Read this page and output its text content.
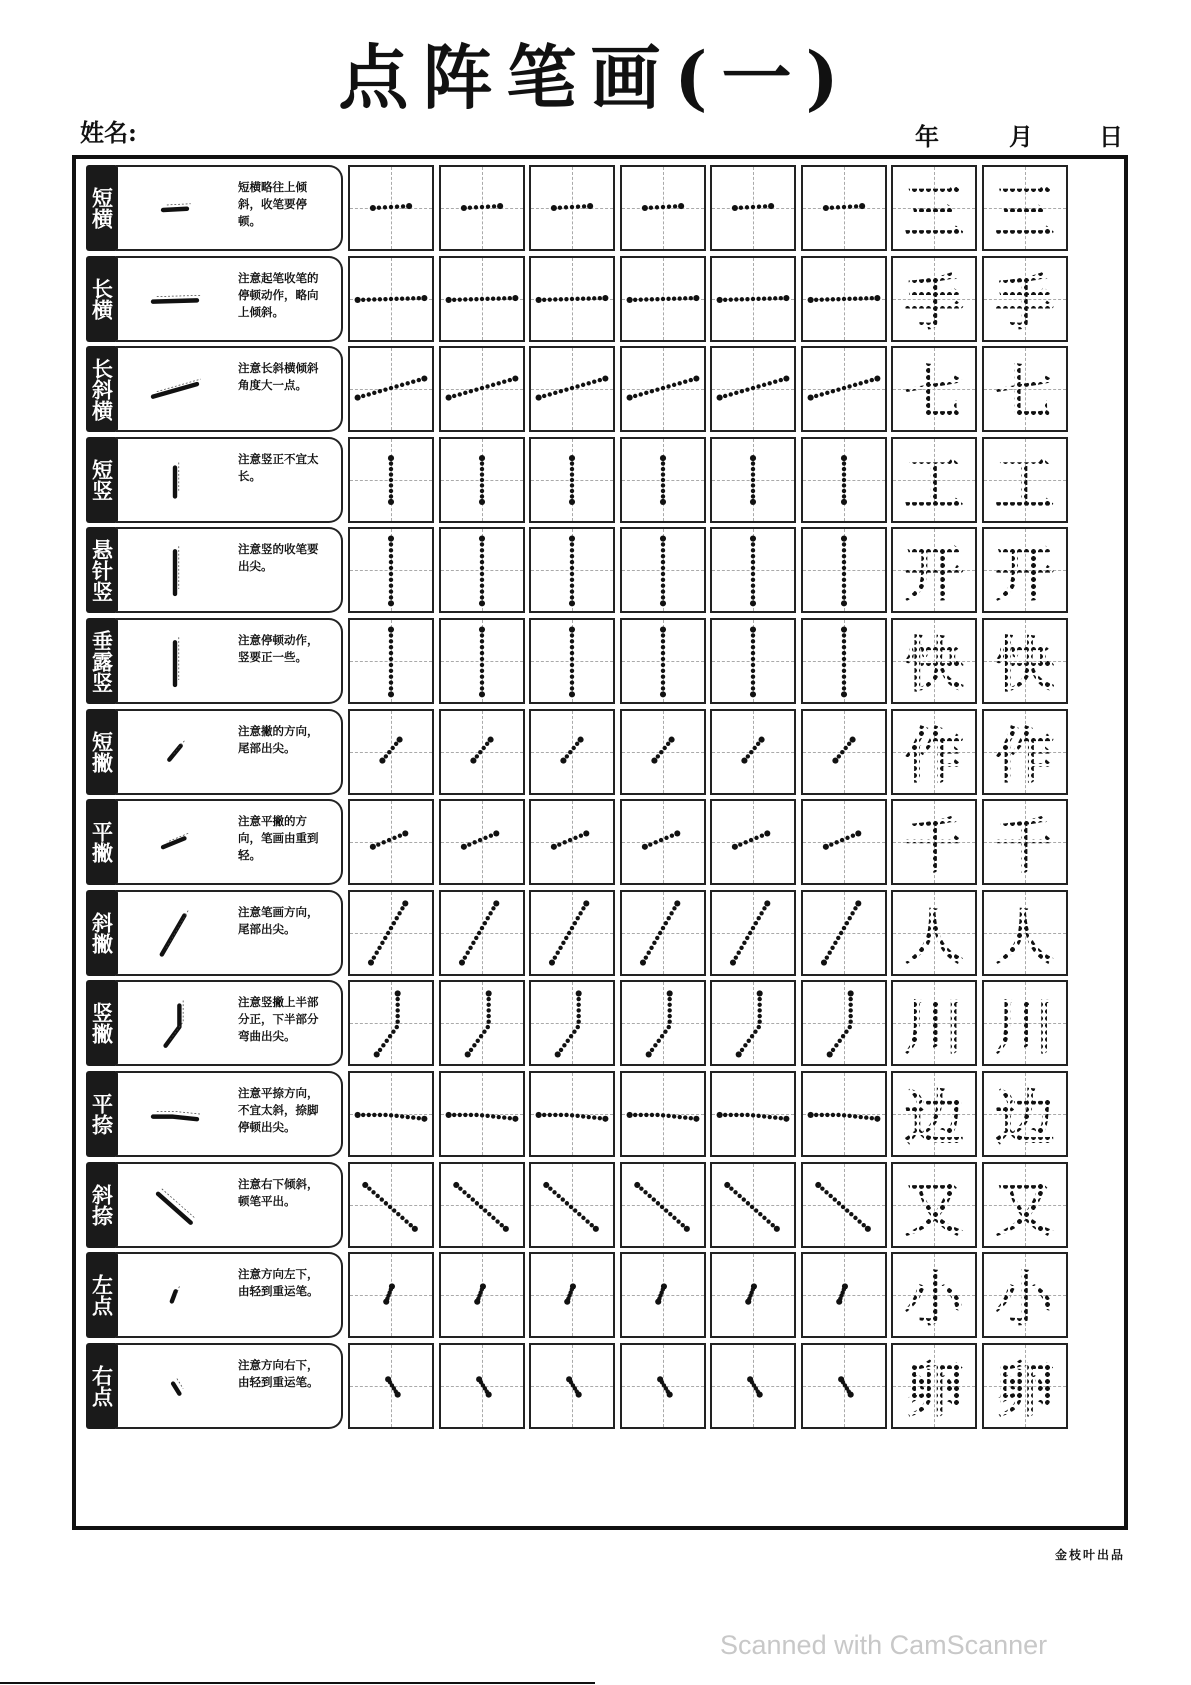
点阵笔画(一)
姓名:	年	月	日
短横	短横略往上倾斜，收笔要停顿。	三 三
长横	注意起笔收笔的停顿动作，略向上倾斜。	手 手
长斜横	注意长斜横倾斜角度大一点。	七 七
短竖	注意竖正不宜太长。	工 工
悬针竖	注意竖的收笔要出尖。	开 开
垂露竖	注意停顿动作，竖要正一些。	快 快
短撇	注意撇的方向，尾部出尖。	作 作
平撇	注意平撇的方向，笔画由重到轻。	千 千
斜撇	注意笔画方向，尾部出尖。	人 人
竖撇	注意竖撇上半部分正，下半部分弯曲出尖。	川 川
平捺	注意平捺方向，不宜太斜，捺脚停顿出尖。	边 边
斜捺	注意右下倾斜，顿笔平出。	又 又
左点	注意方向左下，由轻到重运笔。	小 小
右点	注意方向右下，由轻到重运笔。	卵 卵
金枝叶出品
Scanned with CamScanner
